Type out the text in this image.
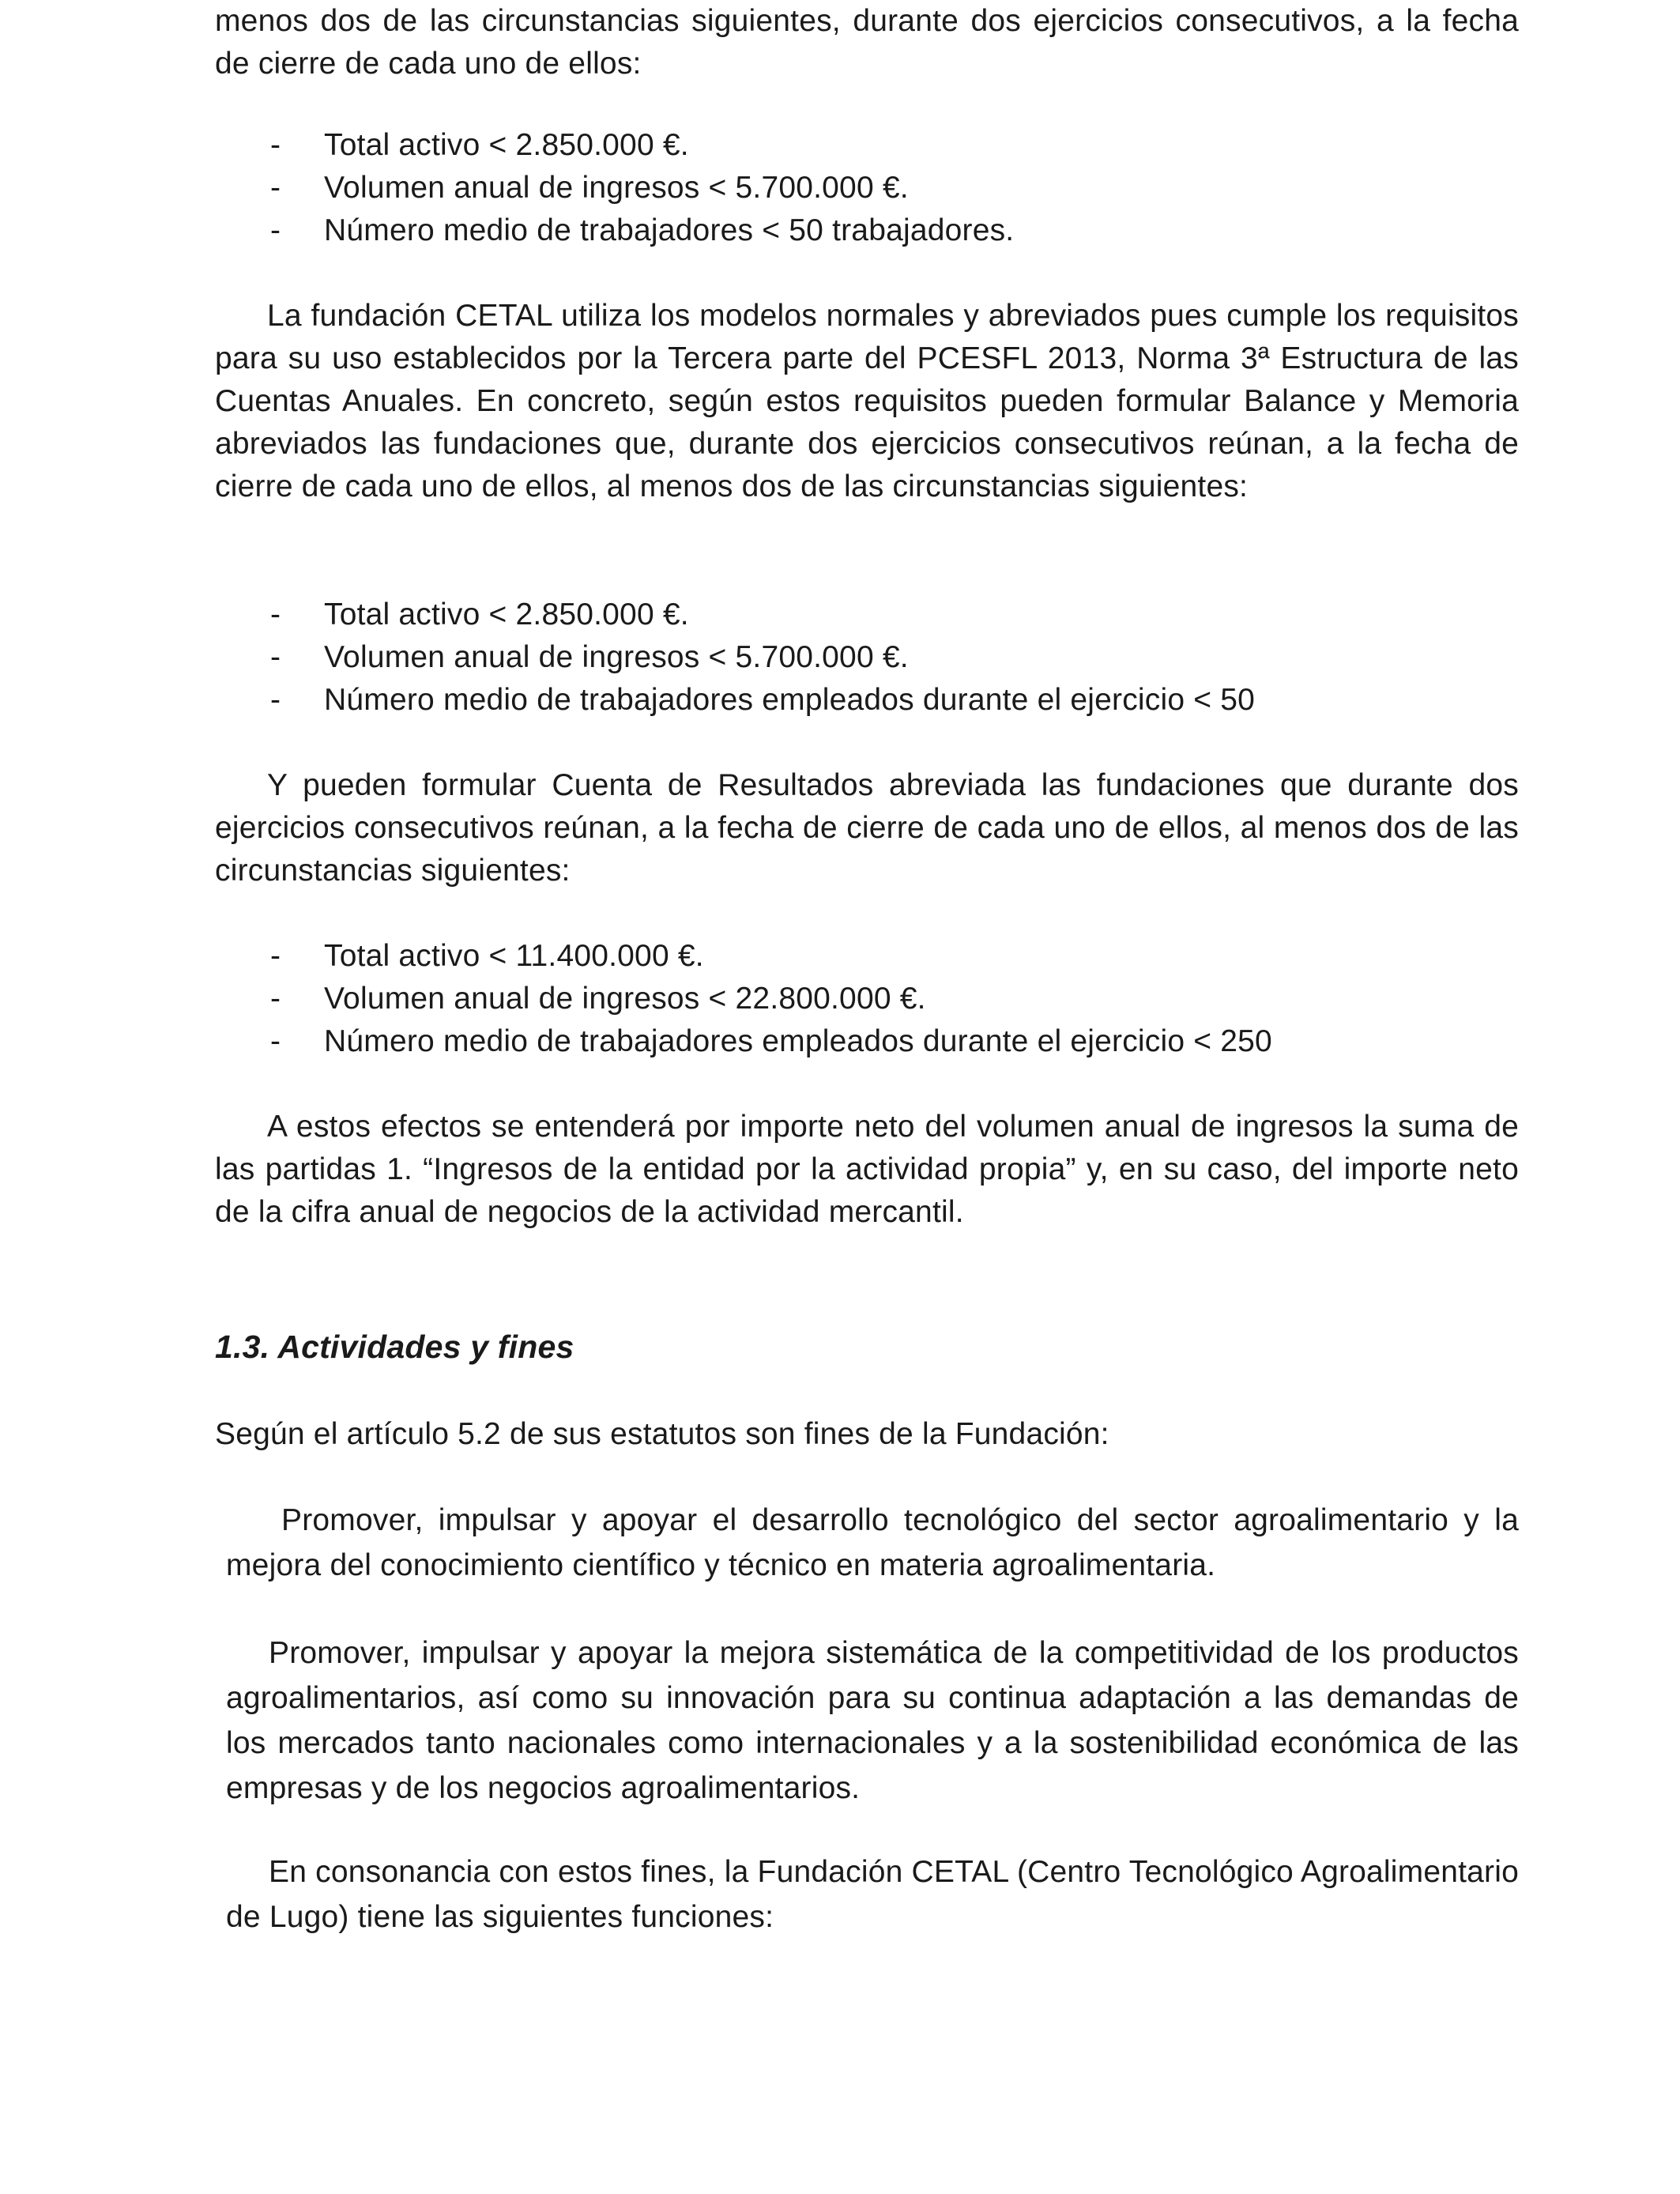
menos dos de las circunstancias siguientes, durante dos ejercicios consecutivos, a la fecha de cierre de cada uno de ellos:

- Total activo < 2.850.000 €.
- Volumen anual de ingresos < 5.700.000 €.
- Número medio de trabajadores < 50 trabajadores.

La fundación CETAL utiliza los modelos normales y abreviados pues cumple los requisitos para su uso establecidos por la Tercera parte del PCESFL 2013, Norma 3ª Estructura de las Cuentas Anuales. En concreto, según estos requisitos pueden formular Balance y Memoria abreviados las fundaciones que, durante dos ejercicios consecutivos reúnan, a la fecha de cierre de cada uno de ellos, al menos dos de las circunstancias siguientes:

- Total activo < 2.850.000 €.
- Volumen anual de ingresos < 5.700.000 €.
- Número medio de trabajadores empleados durante el ejercicio < 50

Y pueden formular Cuenta de Resultados abreviada las fundaciones que durante dos ejercicios consecutivos reúnan, a la fecha de cierre de cada uno de ellos, al menos dos de las circunstancias siguientes:

- Total activo < 11.400.000 €.
- Volumen anual de ingresos < 22.800.000 €.
- Número medio de trabajadores empleados durante el ejercicio < 250

A estos efectos se entenderá por importe neto del volumen anual de ingresos la suma de las partidas 1. “Ingresos de la entidad por la actividad propia” y, en su caso, del importe neto de la cifra anual de negocios de la actividad mercantil.

1.3. Actividades y fines

Según el artículo 5.2 de sus estatutos son fines de la Fundación:

Promover, impulsar y apoyar el desarrollo tecnológico del sector agroalimentario y la mejora del conocimiento científico y técnico en materia agroalimentaria.

Promover, impulsar y apoyar la mejora sistemática de la competitividad de los productos agroalimentarios, así como su innovación para su continua adaptación a las demandas de los mercados tanto nacionales como internacionales y a la sostenibilidad económica de las empresas y de los negocios agroalimentarios.

En consonancia con estos fines, la Fundación CETAL (Centro Tecnológico Agroalimentario de Lugo) tiene las siguientes funciones:
